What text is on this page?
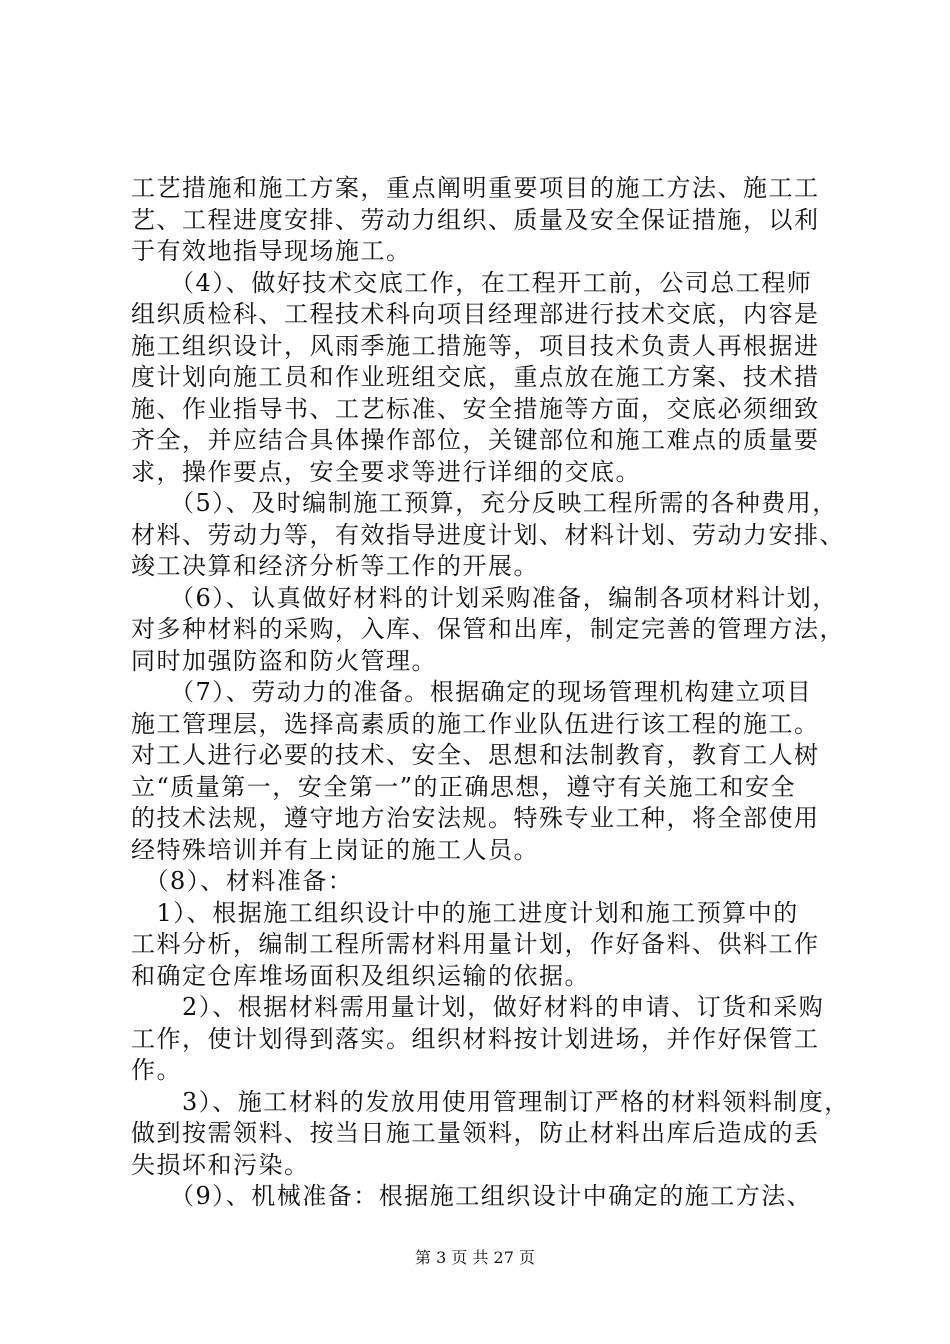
工艺措施和施工方案，重点阐明重要项目的施工方法、施工工
艺、工程进度安排、劳动力组织、质量及安全保证措施，以利
于有效地指导现场施工。
　　（4）、做好技术交底工作，在工程开工前，公司总工程师
组织质检科、工程技术科向项目经理部进行技术交底，内容是
施工组织设计，风雨季施工措施等，项目技术负责人再根据进
度计划向施工员和作业班组交底，重点放在施工方案、技术措
施、作业指导书、工艺标准、安全措施等方面，交底必须细致
齐全，并应结合具体操作部位，关键部位和施工难点的质量要
求，操作要点，安全要求等进行详细的交底。
　　（5）、及时编制施工预算，充分反映工程所需的各种费用，
材料、劳动力等，有效指导进度计划、材料计划、劳动力安排、
竣工决算和经济分析等工作的开展。
　　（6）、认真做好材料的计划采购准备，编制各项材料计划，
对多种材料的采购，入库、保管和出库，制定完善的管理方法，
同时加强防盗和防火管理。
　　（7）、劳动力的准备。根据确定的现场管理机构建立项目
施工管理层，选择高素质的施工作业队伍进行该工程的施工。
对工人进行必要的技术、安全、思想和法制教育，教育工人树
立“质量第一，安全第一”的正确思想，遵守有关施工和安全
的技术法规，遵守地方治安法规。特殊专业工种，将全部使用
经特殊培训并有上岗证的施工人员。
　（8）、材料准备：
　1）、根据施工组织设计中的施工进度计划和施工预算中的
工料分析，编制工程所需材料用量计划，作好备料、供料工作
和确定仓库堆场面积及组织运输的依据。
　　2）、根据材料需用量计划，做好材料的申请、订货和采购
工作，使计划得到落实。组织材料按计划进场，并作好保管工
作。
　　3）、施工材料的发放用使用管理制订严格的材料领料制度，
做到按需领料、按当日施工量领料，防止材料出库后造成的丢
失损坏和污染。
　　（9）、机械准备：根据施工组织设计中确定的施工方法、
第 3 页 共 27 页
